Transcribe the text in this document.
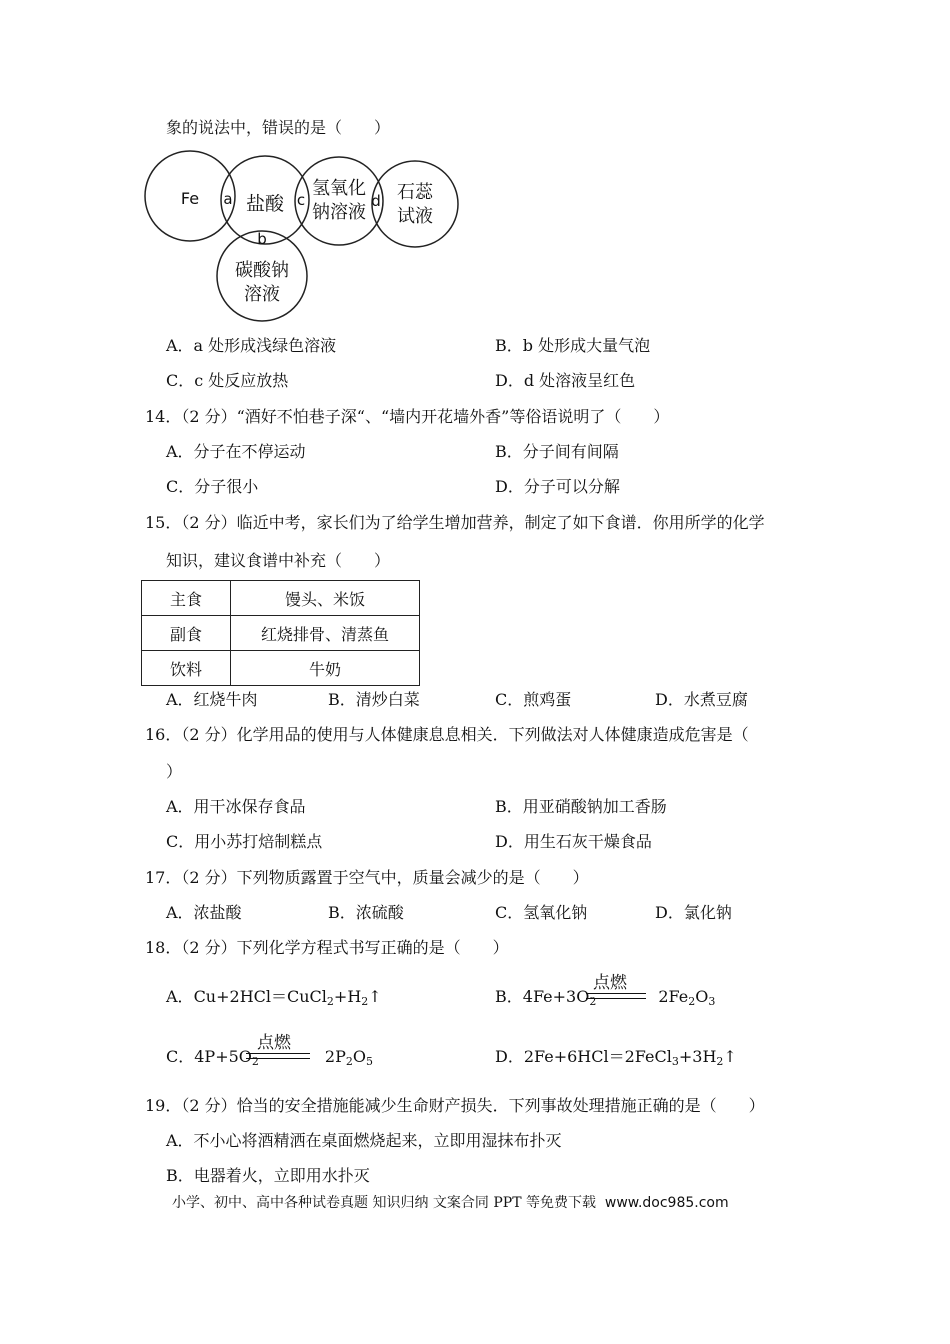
象的说法中，错误的是（　　）
Fe 盐酸
氢氧化
钠溶液
石蕊
试液
碳酸钠
溶液
a
b
c	d
A．a 处形成浅绿色溶液	B．b 处形成大量气泡
C．c 处反应放热	D．d 处溶液呈红色
14．（2 分）“酒好不怕巷子深“、“墙内开花墙外香”等俗语说明了（　　）
A．分子在不停运动	B．分子间有间隔
C．分子很小	D．分子可以分解
15．（2 分）临近中考，家长们为了给学生增加营养，制定了如下食谱．你用所学的化学
知识，建议食谱中补充（　　）
主食	馒头、米饭
副食	红烧排骨、清蒸鱼
饮料	牛奶
A．红烧牛肉	B．清炒白菜	C．煎鸡蛋	D．水煮豆腐
16．（2 分）化学用品的使用与人体健康息息相关．下列做法对人体健康造成危害是（
）
A．用干冰保存食品	B．用亚硝酸钠加工香肠
C．用小苏打焙制糕点	D．用生石灰干燥食品
17．（2 分）下列物质露置于空气中，质量会减少的是（　　）
A．浓盐酸	B．浓硫酸	C．氢氧化钠	D．氯化钠
18．（2 分）下列化学方程式书写正确的是（　　）
A．$Cu+2HCl=CuCl_2+H_2↑$	B．$4Fe+3O_2$	$2Fe_2O_3$
点燃
C．$4P+5O_2$	$2P_2O_5$
点燃
D．$2Fe+6HCl=2FeCl_3+3H_2↑$
19．（2 分）恰当的安全措施能减少生命财产损失．下列事故处理措施正确的是（　　）
A．不小心将酒精洒在桌面燃烧起来，立即用湿抹布扑灭
B．电器着火，立即用水扑灭
小学、初中、高中各种试卷真题 知识归纳 文案合同 PPT 等免费下载 www.doc985.com
